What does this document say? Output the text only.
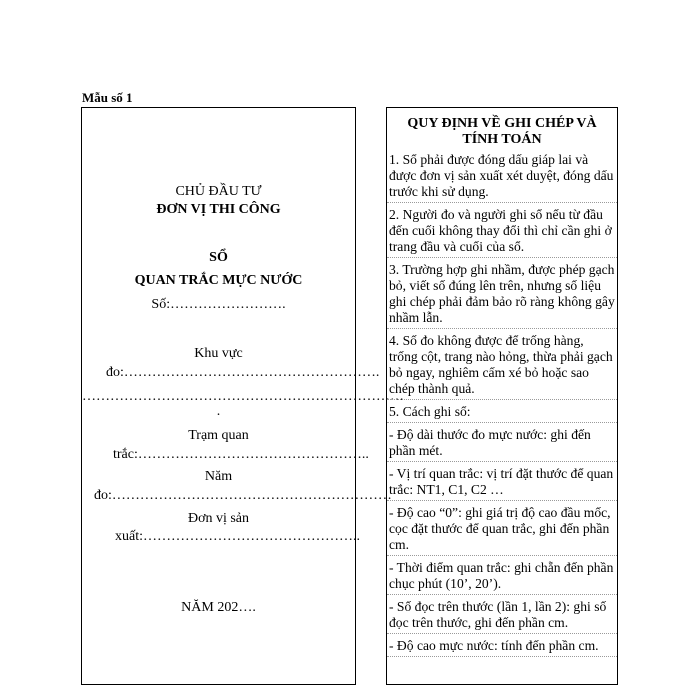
Mẫu số 1
CHỦ ĐẦU TƯ
ĐƠN VỊ THI CÔNG
SỔ
QUAN TRẮC MỰC NƯỚC
Số:…………………….
Khu vực
đo:……………………………………………….
……………………………………………………………
.
Trạm quan
trắc:…………………………………………..
Năm
đo:……………………………………………………
Đơn vị sản
xuất:………………………………………..
NĂM 202….
QUY ĐỊNH VỀ GHI CHÉP VÀ TÍNH TOÁN
1. Sổ phải được đóng dấu giáp lai và được đơn vị sản xuất xét duyệt, đóng dấu trước khi sử dụng.
2. Người đo và người ghi sổ nếu từ đầu đến cuối không thay đổi thì chỉ cần ghi ở trang đầu và cuối của sổ.
3. Trường hợp ghi nhầm, được phép gạch bỏ, viết số đúng lên trên, nhưng số liệu ghi chép phải đảm bảo rõ ràng không gây nhầm lẫn.
4. Số đo không được để trống hàng, trống cột, trang nào hỏng, thừa phải gạch bỏ ngay, nghiêm cấm xé bỏ hoặc sao chép thành quả.
5. Cách ghi sổ:
- Độ dài thước đo mực nước: ghi đến phần mét.
- Vị trí quan trắc: vị trí đặt thước để quan trắc: NT1, C1, C2 …
- Độ cao “0”: ghi giá trị độ cao đầu mốc, cọc đặt thước để quan trắc, ghi đến phần cm.
- Thời điểm quan trắc: ghi chẵn đến phần chục phút (10’, 20’).
- Số đọc trên thước (lần 1, lần 2): ghi số đọc trên thước, ghi đến phần cm.
- Độ cao mực nước: tính đến phần cm.
